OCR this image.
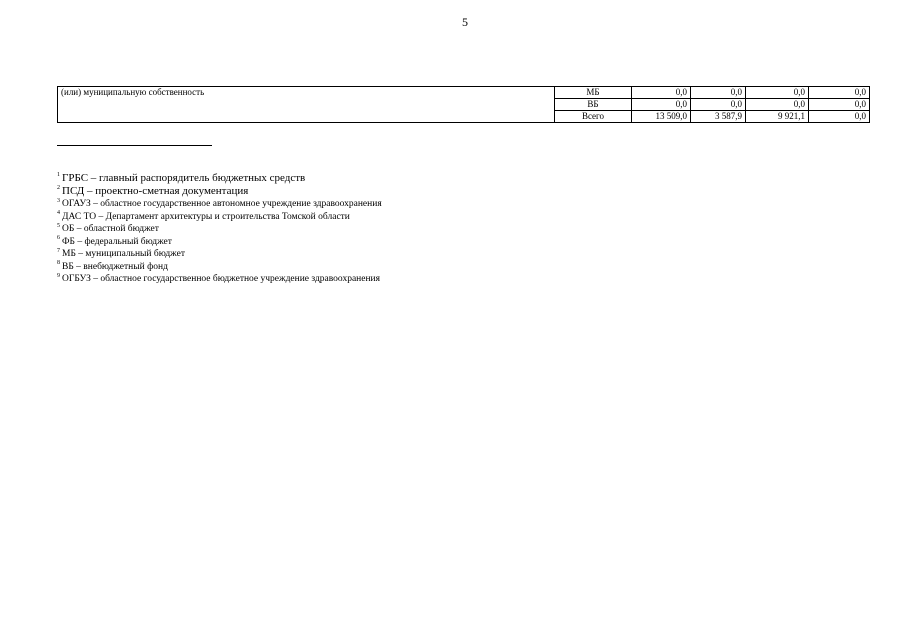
5
(или) муниципальную собственность	МБ	0,0	0,0	0,0	0,0
	ВБ	0,0	0,0	0,0	0,0
	Всего	13 509,0	3 587,9	9 921,1	0,0
$^1$ ГРБС – главный распорядитель бюджетных средств
$^2$ ПСД – проектно-сметная документация
$^3$ ОГАУЗ – областное государственное автономное учреждение здравоохранения
$^4$ ДАС ТО – Департамент архитектуры и строительства Томской области
$^5$ ОБ – областной бюджет
$^6$ ФБ – федеральный бюджет
$^7$ МБ – муниципальный бюджет
$^8$ ВБ – внебюджетный фонд
$^9$ ОГБУЗ – областное государственное бюджетное учреждение здравоохранения
